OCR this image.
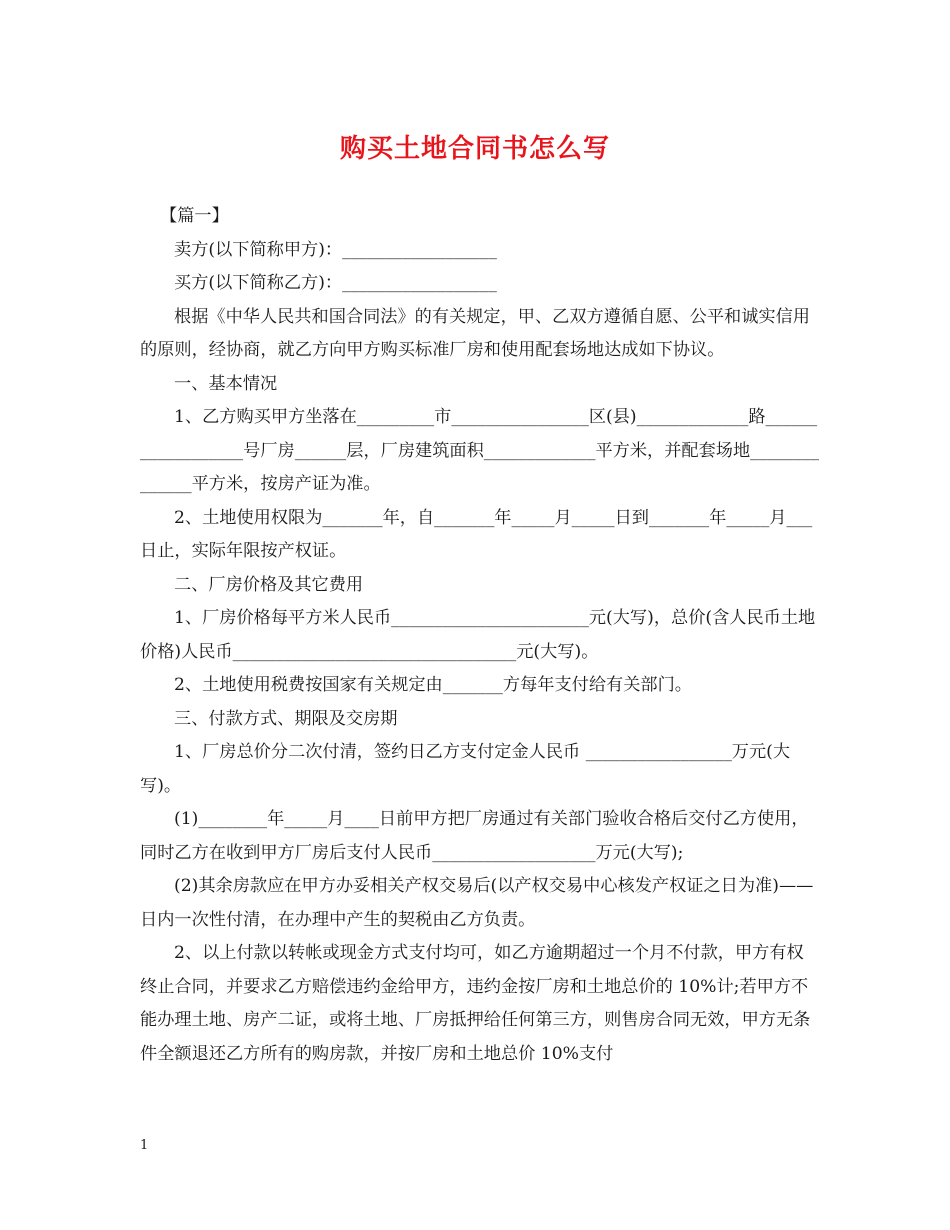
购买土地合同书怎么写

【篇一】

卖方(以下简称甲方)：__________________

买方(以下简称乙方)：__________________

根据《中华人民共和国合同法》的有关规定，甲、乙双方遵循自愿、公平和诚实信用的原则，经协商，就乙方向甲方购买标准厂房和使用配套场地达成如下协议。

一、基本情况

1、乙方购买甲方坐落在_________市________________区(县)_____________路__________________号厂房______层，厂房建筑面积_____________平方米，并配套场地______________平方米，按房产证为准。

2、土地使用权限为_______年，自_______年_____月_____日到_______年_____月___日止，实际年限按产权证。

二、厂房价格及其它费用

1、厂房价格每平方米人民币_______________________元(大写)，总价(含人民币土地价格)人民币_________________________________元(大写)。

2、土地使用税费按国家有关规定由_______方每年支付给有关部门。

三、付款方式、期限及交房期

1、厂房总价分二次付清，签约日乙方支付定金人民币 _________________万元(大写)。

(1)________年_____月____日前甲方把厂房通过有关部门验收合格后交付乙方使用，同时乙方在收到甲方厂房后支付人民币___________________万元(大写);

(2)其余房款应在甲方办妥相关产权交易后(以产权交易中心核发产权证之日为准)——日内一次性付清，在办理中产生的契税由乙方负责。

2、以上付款以转帐或现金方式支付均可，如乙方逾期超过一个月不付款，甲方有权终止合同，并要求乙方赔偿违约金给甲方，违约金按厂房和土地总价的 10%计;若甲方不能办理土地、房产二证，或将土地、厂房抵押给任何第三方，则售房合同无效，甲方无条件全额退还乙方所有的购房款，并按厂房和土地总价 10%支付

1
